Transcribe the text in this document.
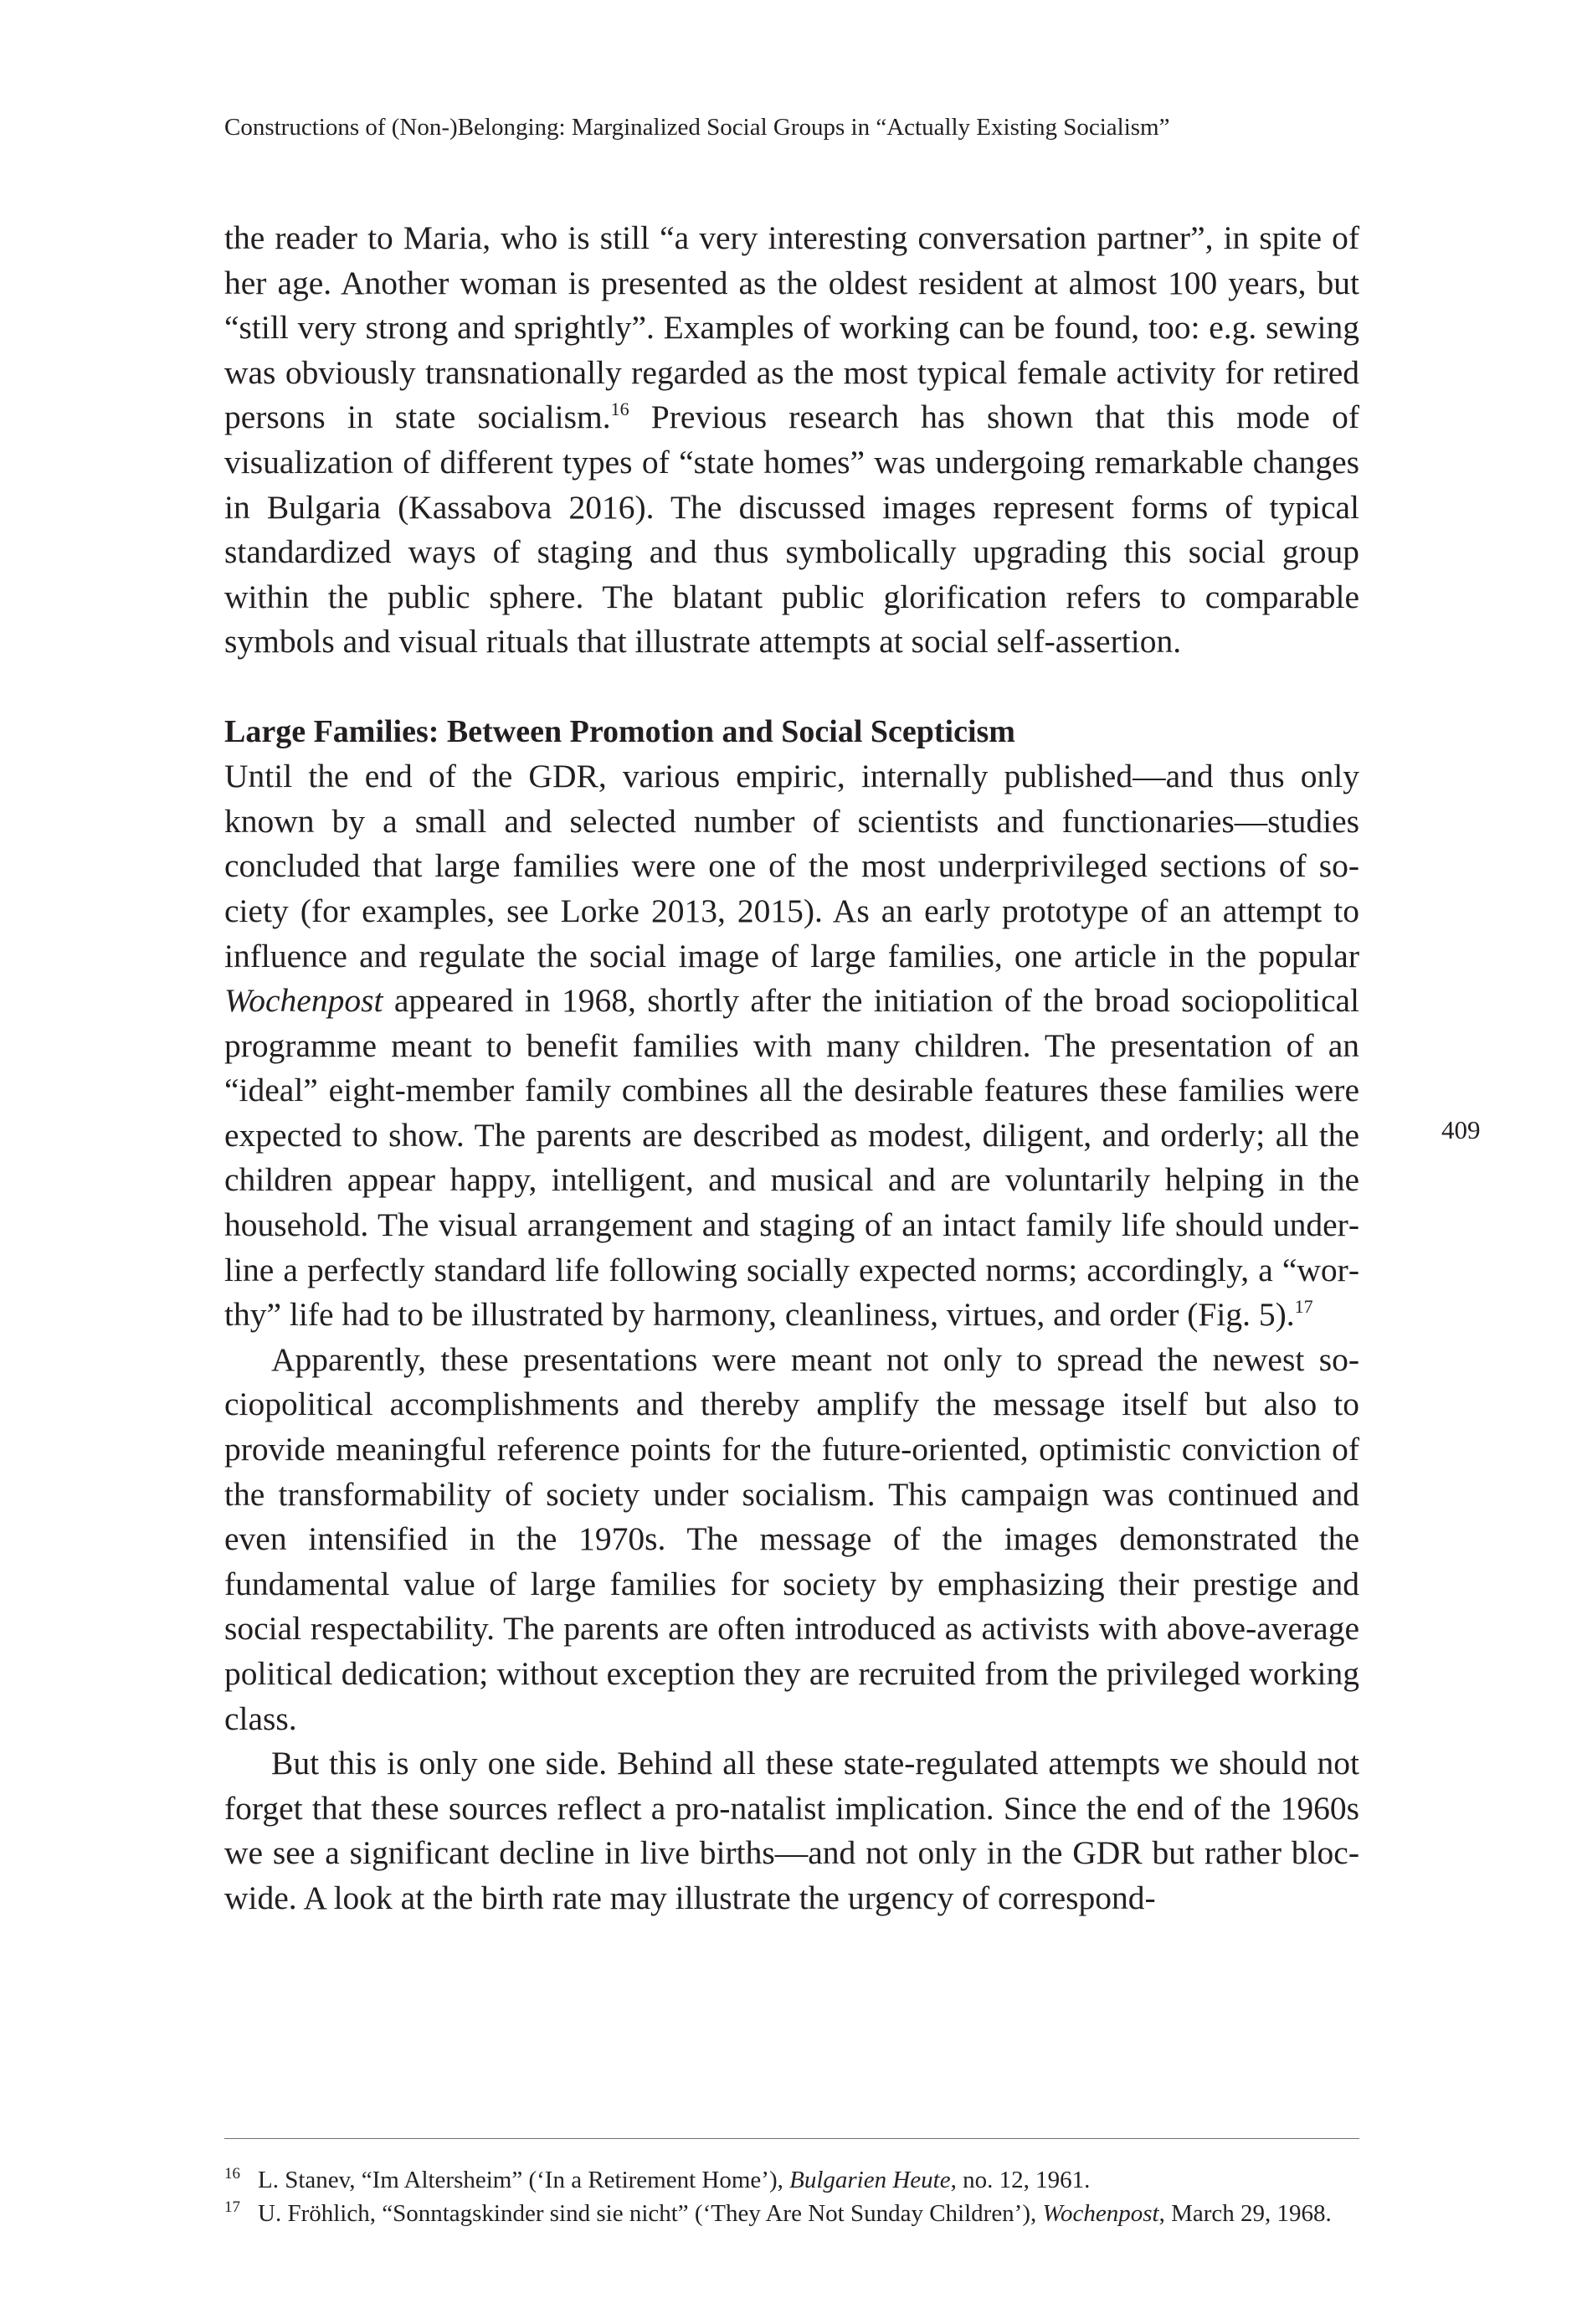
Constructions of (Non-)Belonging: Marginalized Social Groups in “Actually Existing Socialism”

the reader to Maria, who is still “a very interesting conversation partner”, in spite of her age. Another woman is presented as the oldest resident at almost 100 years, but “still very strong and sprightly”. Examples of working can be found, too: e.g. sewing was obviously transnationally regarded as the most typical female activity for retired persons in state socialism.$^{16}$ Previous research has shown that this mode of visualization of different types of “state homes” was undergoing remarkable changes in Bulgaria (Kassabova 2016). The discussed images represent forms of typical standardized ways of staging and thus symbolically upgrading this social group within the public sphere. The blatant public glorification refers to comparable symbols and visual rituals that illustrate attempts at social self-assertion.

Large Families: Between Promotion and Social Scepticism

Until the end of the GDR, various empiric, internally published—and thus only known by a small and selected number of scientists and functionaries—studies concluded that large families were one of the most underprivileged sections of society (for examples, see Lorke 2013, 2015). As an early prototype of an attempt to influence and regulate the social image of large families, one article in the popular Wochenpost appeared in 1968, shortly after the initiation of the broad sociopolitical programme meant to benefit families with many children. The presentation of an “ideal” eight-member family combines all the desirable features these families were expected to show. The parents are described as modest, diligent, and orderly; all the children appear happy, intelligent, and musical and are voluntarily helping in the household. The visual arrangement and staging of an intact family life should underline a perfectly standard life following socially expected norms; accordingly, a “worthy” life had to be illustrated by harmony, cleanliness, virtues, and order (Fig. 5).$^{17}$

Apparently, these presentations were meant not only to spread the newest sociopolitical accomplishments and thereby amplify the message itself but also to provide meaningful reference points for the future-oriented, optimistic conviction of the transformability of society under socialism. This campaign was continued and even intensified in the 1970s. The message of the images demonstrated the fundamental value of large families for society by emphasizing their prestige and social respectability. The parents are often introduced as activists with above-average political dedication; without exception they are recruited from the privileged working class.

But this is only one side. Behind all these state-regulated attempts we should not forget that these sources reflect a pro-natalist implication. Since the end of the 1960s we see a significant decline in live births—and not only in the GDR but rather bloc-wide. A look at the birth rate may illustrate the urgency of correspond-

409

16 L. Stanev, “Im Altersheim” (‘In a Retirement Home’), Bulgarien Heute, no. 12, 1961.

17 U. Fröhlich, “Sonntagskinder sind sie nicht” (‘They Are Not Sunday Children’), Wochenpost, March 29, 1968.
